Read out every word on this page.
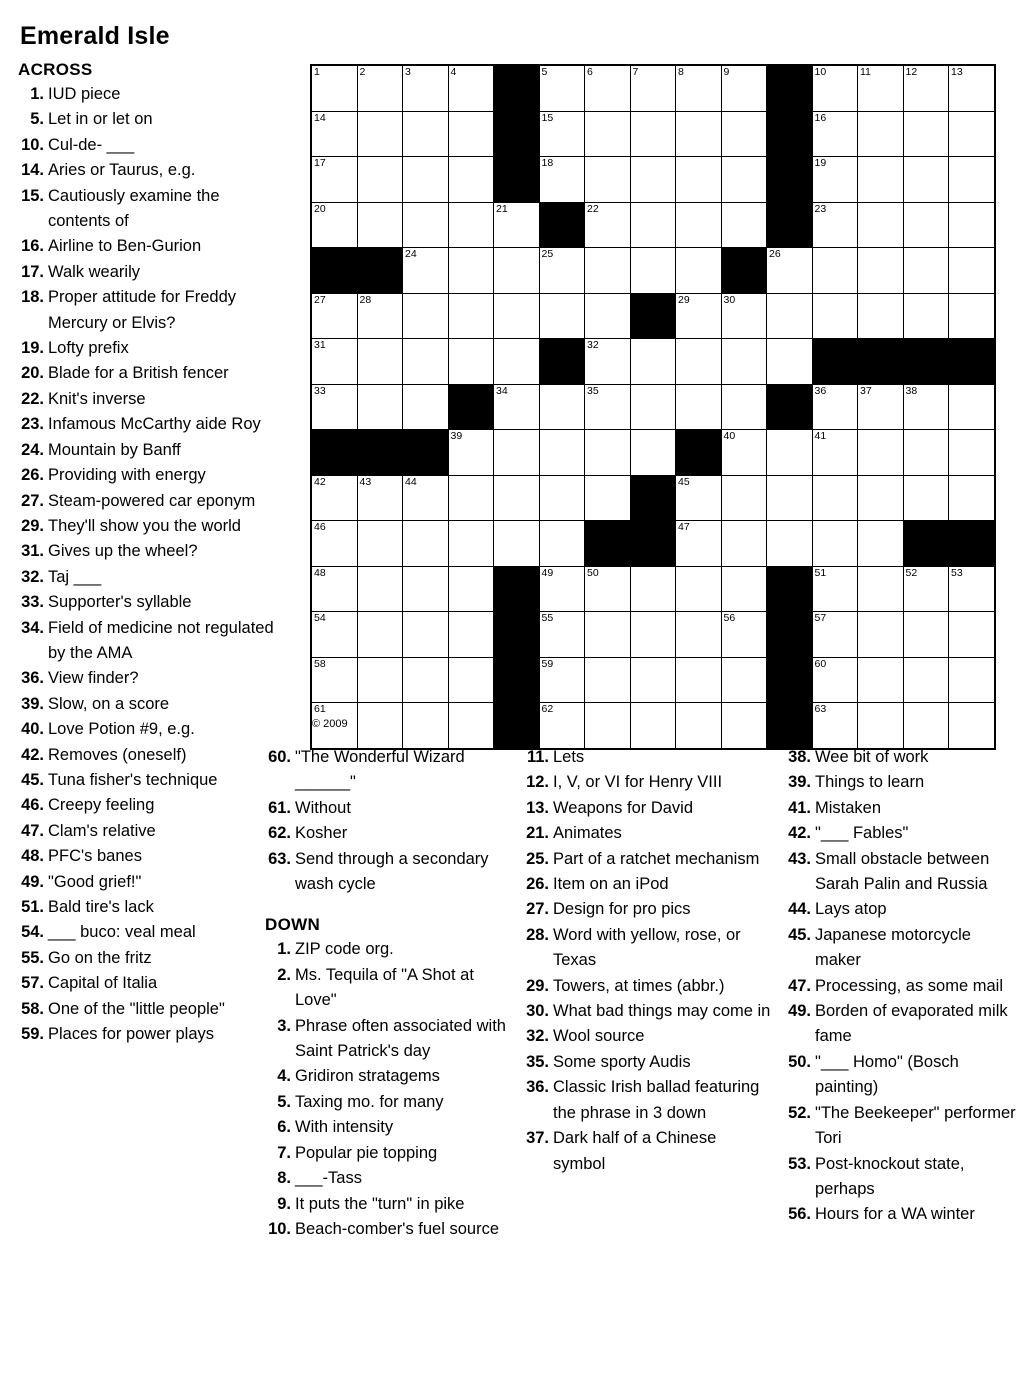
Emerald Isle
ACROSS
1. IUD piece
5. Let in or let on
10. Cul-de- ___
14. Aries or Taurus, e.g.
15. Cautiously examine the contents of
16. Airline to Ben-Gurion
17. Walk wearily
18. Proper attitude for Freddy Mercury or Elvis?
19. Lofty prefix
20. Blade for a British fencer
22. Knit's inverse
23. Infamous McCarthy aide Roy
24. Mountain by Banff
26. Providing with energy
27. Steam-powered car eponym
29. They'll show you the world
31. Gives up the wheel?
32. Taj ___
33. Supporter's syllable
34. Field of medicine not regulated by the AMA
36. View finder?
39. Slow, on a score
40. Love Potion #9, e.g.
42. Removes (oneself)
45. Tuna fisher's technique
46. Creepy feeling
47. Clam's relative
48. PFC's banes
49. "Good grief!"
51. Bald tire's lack
54. ___ buco: veal meal
55. Go on the fritz
57. Capital of Italia
58. One of the "little people"
59. Places for power plays
1	2	3	4		5	6	7	8	9		10	11	12	13

14					15						16			

17					18						19			

20				21		22					23			

		24			25					26				

27	28							29	30					

31						32								

33				34		35					36	37	38	

			39						40		41			

42	43	44						45						

46								47						

48					49	50					51		52	53

54					55				56		57			

58					59						60			

61					62						63			

© 2009
60. "The Wonderful Wizard ______"
61. Without
62. Kosher
63. Send through a secondary wash cycle
DOWN
1. ZIP code org.
2. Ms. Tequila of "A Shot at Love"
3. Phrase often associated with Saint Patrick's day
4. Gridiron stratagems
5. Taxing mo. for many
6. With intensity
7. Popular pie topping
8. ___-Tass
9. It puts the "turn" in pike
10. Beach-comber's fuel source
11. Lets
12. I, V, or VI for Henry VIII
13. Weapons for David
21. Animates
25. Part of a ratchet mechanism
26. Item on an iPod
27. Design for pro pics
28. Word with yellow, rose, or Texas
29. Towers, at times (abbr.)
30. What bad things may come in
32. Wool source
35. Some sporty Audis
36. Classic Irish ballad featuring the phrase in 3 down
37. Dark half of a Chinese symbol
38. Wee bit of work
39. Things to learn
41. Mistaken
42. "___ Fables"
43. Small obstacle between Sarah Palin and Russia
44. Lays atop
45. Japanese motorcycle maker
47. Processing, as some mail
49. Borden of evaporated milk fame
50. "___ Homo" (Bosch painting)
52. "The Beekeeper" performer Tori
53. Post-knockout state, perhaps
56. Hours for a WA winter
